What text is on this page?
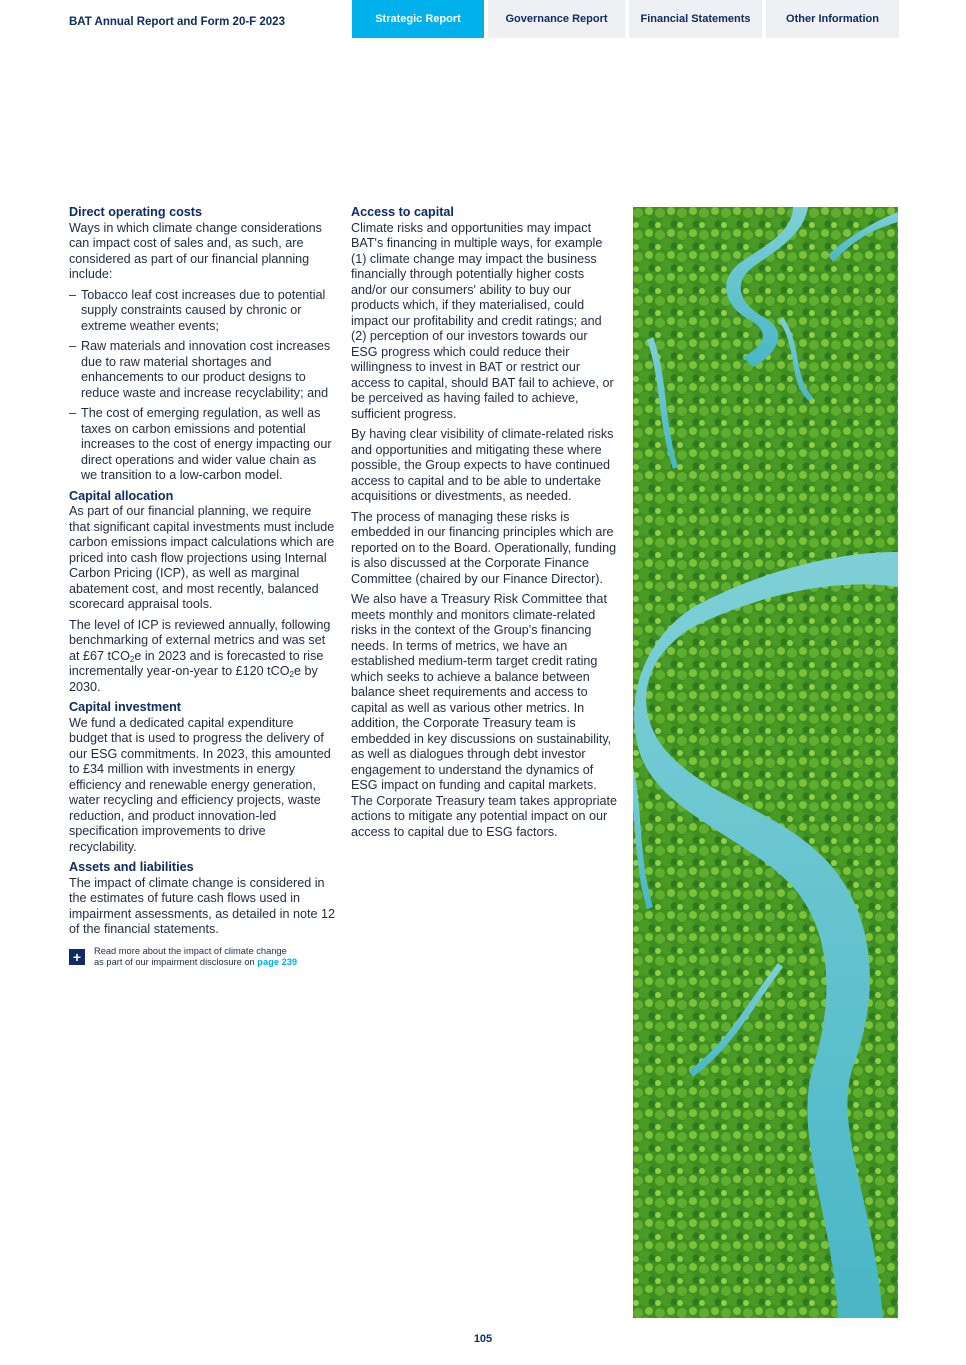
BAT Annual Report and Form 20-F 2023	Strategic Report	Governance Report	Financial Statements	Other Information
Direct operating costs

Ways in which climate change considerations can impact cost of sales and, as such, are considered as part of our financial planning include:

– Tobacco leaf cost increases due to potential supply constraints caused by chronic or extreme weather events;
– Raw materials and innovation cost increases due to raw material shortages and enhancements to our product designs to reduce waste and increase recyclability; and
– The cost of emerging regulation, as well as taxes on carbon emissions and potential increases to the cost of energy impacting our direct operations and wider value chain as we transition to a low-carbon model.
Capital allocation

As part of our financial planning, we require that significant capital investments must include carbon emissions impact calculations which are priced into cash flow projections using Internal Carbon Pricing (ICP), as well as marginal abatement cost, and most recently, balanced scorecard appraisal tools.

The level of ICP is reviewed annually, following benchmarking of external metrics and was set at £67 tCO$_2$e in 2023 and is forecasted to rise incrementally year-on-year to £120 tCO$_2$e by 2030.

Capital investment

We fund a dedicated capital expenditure budget that is used to progress the delivery of our ESG commitments. In 2023, this amounted to £34 million with investments in energy efficiency and renewable energy generation, water recycling and efficiency projects, waste reduction, and product innovation-led specification improvements to drive recyclability.

Assets and liabilities

The impact of climate change is considered in the estimates of future cash flows used in impairment assessments, as detailed in note 12 of the financial statements.

+	Read more about the impact of climate change
as part of our impairment disclosure on page 239
Access to capital

Climate risks and opportunities may impact BAT's financing in multiple ways, for example (1) climate change may impact the business financially through potentially higher costs and/or our consumers' ability to buy our products which, if they materialised, could impact our profitability and credit ratings; and (2) perception of our investors towards our ESG progress which could reduce their willingness to invest in BAT or restrict our access to capital, should BAT fail to achieve, or be perceived as having failed to achieve, sufficient progress.

By having clear visibility of climate-related risks and opportunities and mitigating these where possible, the Group expects to have continued access to capital and to be able to undertake acquisitions or divestments, as needed.

The process of managing these risks is embedded in our financing principles which are reported on to the Board. Operationally, funding is also discussed at the Corporate Finance Committee (chaired by our Finance Director).

We also have a Treasury Risk Committee that meets monthly and monitors climate-related risks in the context of the Group's financing needs. In terms of metrics, we have an established medium-term target credit rating which seeks to achieve a balance between balance sheet requirements and access to capital as well as various other metrics. In addition, the Corporate Treasury team is embedded in key discussions on sustainability, as well as dialogues through debt investor engagement to understand the dynamics of ESG impact on funding and capital markets. The Corporate Treasury team takes appropriate actions to mitigate any potential impact on our access to capital due to ESG factors.

105
